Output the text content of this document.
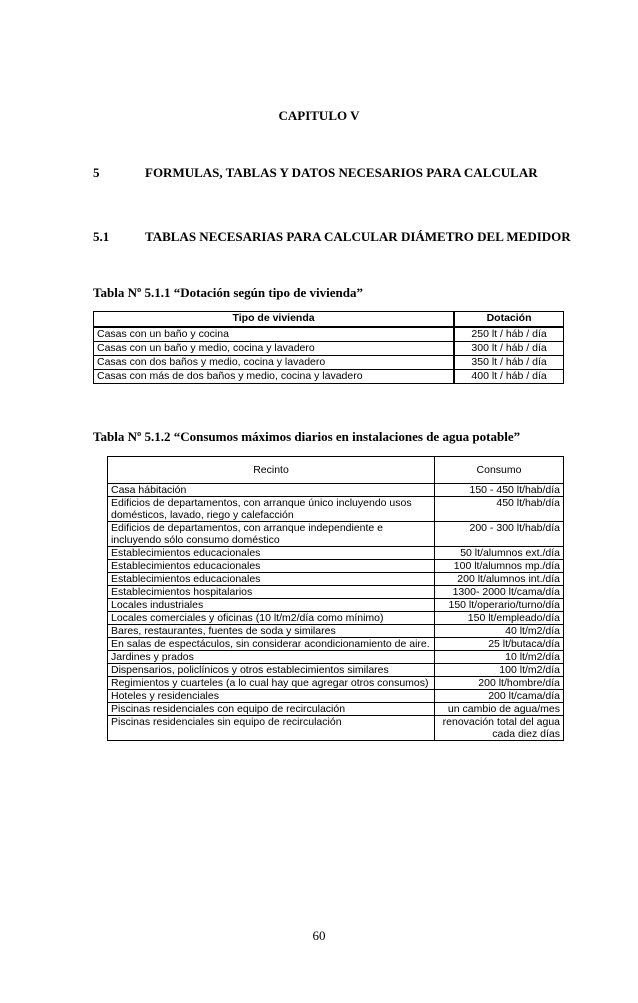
CAPITULO V
5	FORMULAS, TABLAS Y DATOS NECESARIOS PARA CALCULAR
5.1	TABLAS NECESARIAS PARA CALCULAR DIÁMETRO DEL MEDIDOR
Tabla Nº 5.1.1 “Dotación según tipo de vivienda”
Tipo de vivienda	Dotación
Casas con un baño y cocina	250 lt / háb / día
Casas con un baño y medio, cocina y lavadero	300 lt / háb / día
Casas con dos baños y medio, cocina y lavadero	350 lt / háb / día
Casas con más de dos baños y medio, cocina y lavadero	400 lt / háb / día
Tabla Nº 5.1.2 “Consumos máximos diarios en instalaciones de agua potable”
Recinto	Consumo
Casa hábitación	150 - 450 lt/hab/día
Edificios de departamentos, con arranque único incluyendo usos domésticos, lavado, riego y calefacción	450 lt/hab/día
Edificios de departamentos, con arranque independiente e incluyendo sólo consumo doméstico	200 - 300 lt/hab/día
Establecimientos educacionales	50 lt/alumnos ext./día
Establecimientos educacionales	100 lt/alumnos mp./día
Establecimientos educacionales	200 lt/alumnos int./día
Establecimientos hospitalarios	1300- 2000 lt/cama/día
Locales industriales	150 lt/operario/turno/día
Locales comerciales y oficinas (10 lt/m2/día como mínimo)	150 lt/empleado/día
Bares, restaurantes, fuentes de soda y similares	40 lt/m2/día
En salas de espectáculos, sin considerar acondicionamiento de aire.	25 lt/butaca/día
Jardines y prados	10 lt/m2/día
Dispensarios, policlínicos y otros establecimientos similares	100 lt/m2/día
Regimientos y cuarteles (a lo cual hay que agregar otros consumos)	200 lt/hombre/día
Hoteles y residenciales	200 lt/cama/día
Piscinas residenciales con equipo de recirculación	un cambio de agua/mes
Piscinas residenciales sin equipo de recirculación	renovación total del agua
cada diez días
60
